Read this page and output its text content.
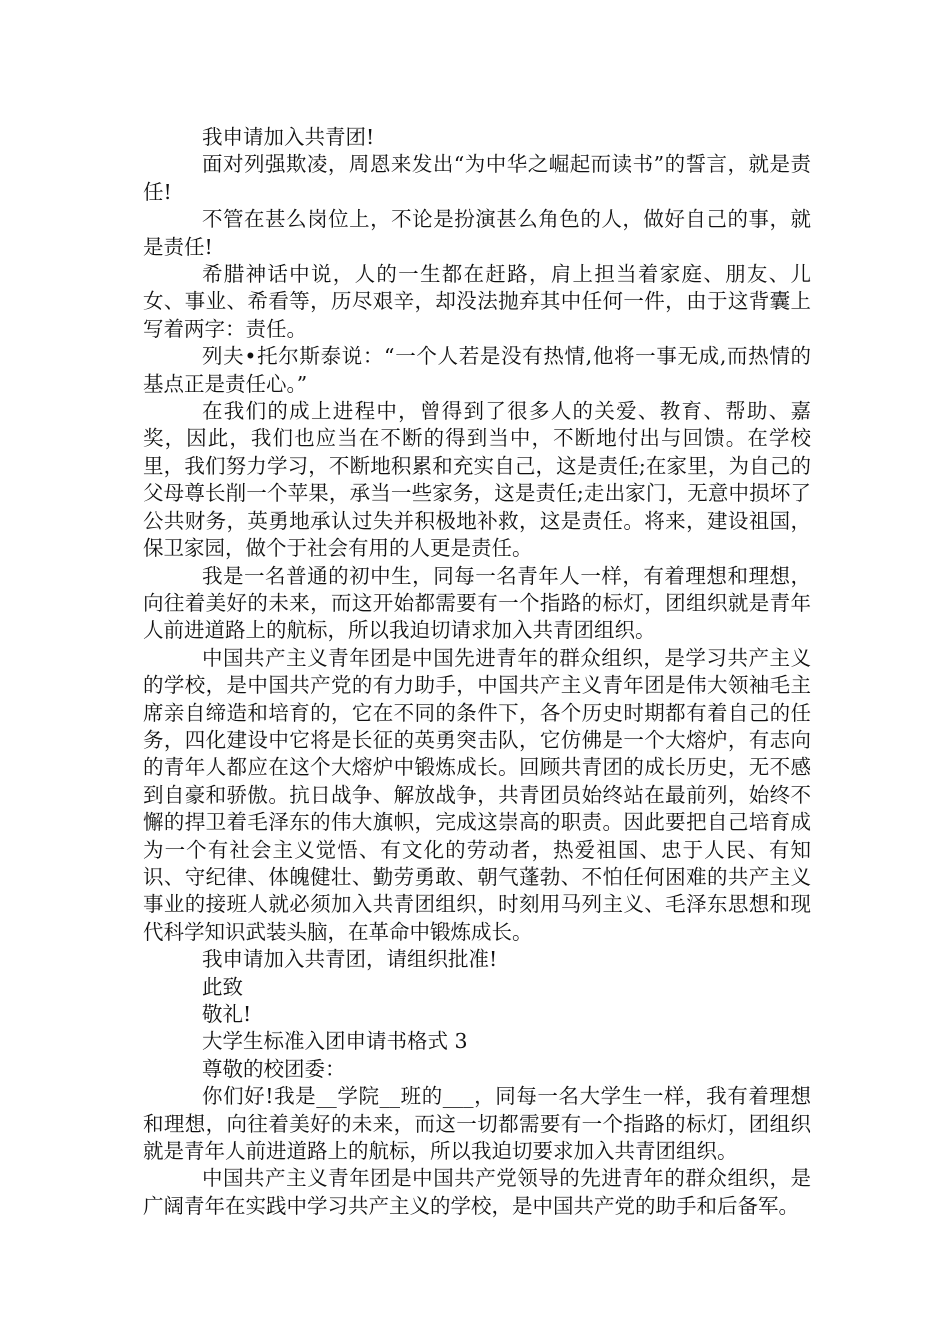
我申请加入共青团!

面对列强欺凌，周恩来发出“为中华之崛起而读书”的誓言，就是责任!

不管在甚么岗位上，不论是扮演甚么角色的人，做好自己的事，就是责任!

希腊神话中说，人的一生都在赶路，肩上担当着家庭、朋友、儿女、事业、希看等，历尽艰辛，却没法抛弃其中任何一件，由于这背囊上写着两字：责任。

列夫•托尔斯泰说：“一个人若是没有热情,他将一事无成,而热情的基点正是责任心。”

在我们的成上进程中，曾得到了很多人的关爱、教育、帮助、嘉奖，因此，我们也应当在不断的得到当中，不断地付出与回馈。在学校里，我们努力学习，不断地积累和充实自己，这是责任;在家里，为自己的父母尊长削一个苹果，承当一些家务，这是责任;走出家门，无意中损坏了公共财务，英勇地承认过失并积极地补救，这是责任。将来，建设祖国，保卫家园，做个于社会有用的人更是责任。

我是一名普通的初中生，同每一名青年人一样，有着理想和理想，向往着美好的未来，而这开始都需要有一个指路的标灯，团组织就是青年人前进道路上的航标，所以我迫切请求加入共青团组织。

中国共产主义青年团是中国先进青年的群众组织，是学习共产主义的学校，是中国共产党的有力助手，中国共产主义青年团是伟大领袖毛主席亲自缔造和培育的，它在不同的条件下，各个历史时期都有着自己的任务，四化建设中它将是长征的英勇突击队，它仿佛是一个大熔炉，有志向的青年人都应在这个大熔炉中锻炼成长。回顾共青团的成长历史，无不感到自豪和骄傲。抗日战争、解放战争，共青团员始终站在最前列，始终不懈的捍卫着毛泽东的伟大旗帜，完成这崇高的职责。因此要把自己培育成为一个有社会主义觉悟、有文化的劳动者，热爱祖国、忠于人民、有知识、守纪律、体魄健壮、勤劳勇敢、朝气蓬勃、不怕任何困难的共产主义事业的接班人就必须加入共青团组织，时刻用马列主义、毛泽东思想和现代科学知识武装头脑，在革命中锻炼成长。

我申请加入共青团，请组织批准!

此致

敬礼!

大学生标准入团申请书格式 3

尊敬的校团委：

你们好!我是__学院__班的___，同每一名大学生一样，我有着理想和理想，向往着美好的未来，而这一切都需要有一个指路的标灯，团组织就是青年人前进道路上的航标，所以我迫切要求加入共青团组织。

中国共产主义青年团是中国共产党领导的先进青年的群众组织，是广阔青年在实践中学习共产主义的学校，是中国共产党的助手和后备军。
